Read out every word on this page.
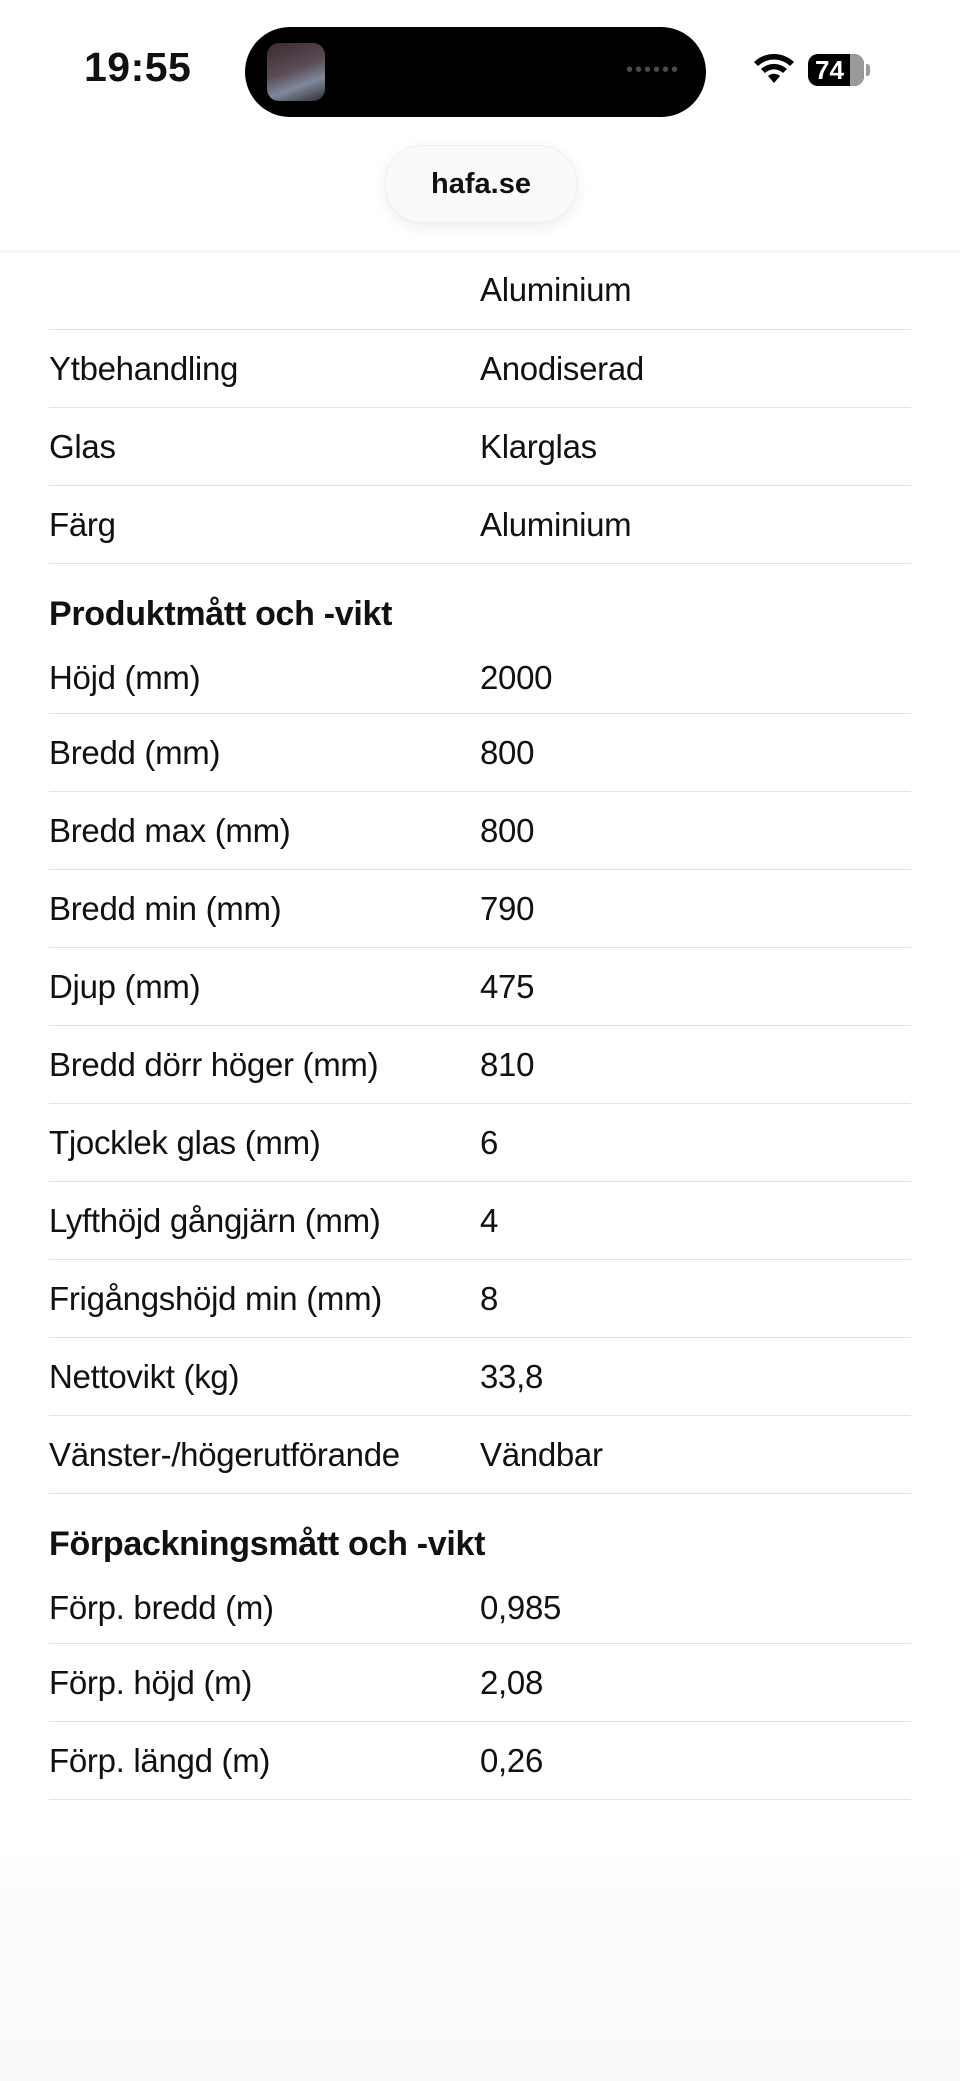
19:55	••••••	74
hafa.se
Aluminium
Ytbehandling	Anodiserad
Glas	Klarglas
Färg	Aluminium
Produktmått och -vikt
Höjd (mm)	2000
Bredd (mm)	800
Bredd max (mm)	800
Bredd min (mm)	790
Djup (mm)	475
Bredd dörr höger (mm)	810
Tjocklek glas (mm)	6
Lyfthöjd gångjärn (mm)	4
Frigångshöjd min (mm)	8
Nettovikt (kg)	33,8
Vänster-/högerutförande	Vändbar
Förpackningsmått och -vikt
Förp. bredd (m)	0,985
Förp. höjd (m)	2,08
Förp. längd (m)	0,26
